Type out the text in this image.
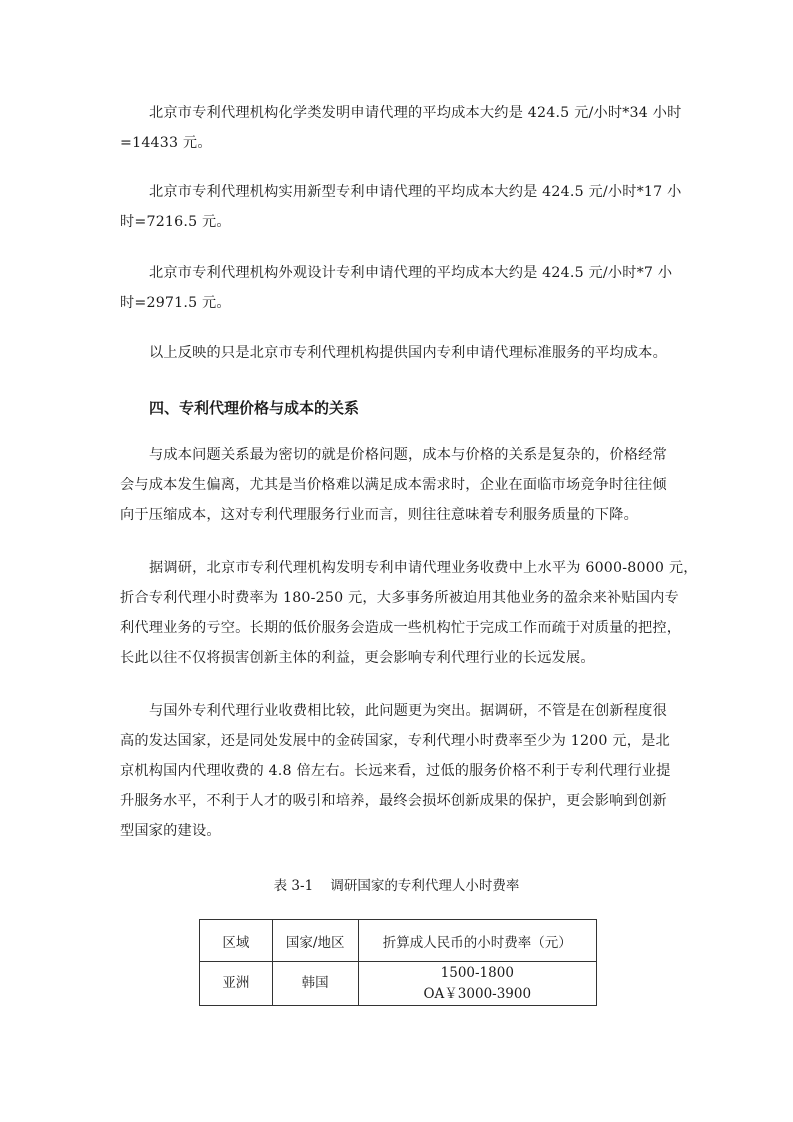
北京市专利代理机构化学类发明申请代理的平均成本大约是 424.5 元/小时*34 小时
=14433 元。

北京市专利代理机构实用新型专利申请代理的平均成本大约是 424.5 元/小时*17 小
时=7216.5 元。

北京市专利代理机构外观设计专利申请代理的平均成本大约是 424.5 元/小时*7 小
时=2971.5 元。

以上反映的只是北京市专利代理机构提供国内专利申请代理标准服务的平均成本。

四、专利代理价格与成本的关系

与成本问题关系最为密切的就是价格问题，成本与价格的关系是复杂的，价格经常
会与成本发生偏离，尤其是当价格难以满足成本需求时，企业在面临市场竞争时往往倾
向于压缩成本，这对专利代理服务行业而言，则往往意味着专利服务质量的下降。

据调研，北京市专利代理机构发明专利申请代理业务收费中上水平为 6000-8000 元，
折合专利代理小时费率为 180-250 元，大多事务所被迫用其他业务的盈余来补贴国内专
利代理业务的亏空。长期的低价服务会造成一些机构忙于完成工作而疏于对质量的把控，
长此以往不仅将损害创新主体的利益，更会影响专利代理行业的长远发展。

与国外专利代理行业收费相比较，此问题更为突出。据调研，不管是在创新程度很
高的发达国家，还是同处发展中的金砖国家，专利代理小时费率至少为 1200 元，是北
京机构国内代理收费的 4.8 倍左右。长远来看，过低的服务价格不利于专利代理行业提
升服务水平，不利于人才的吸引和培养，最终会损坏创新成果的保护，更会影响到创新
型国家的建设。

表 3-1    调研国家的专利代理人小时费率

区域	国家/地区	折算成人民币的小时费率（元）
亚洲	韩国	1500-1800
OA￥3000-3900
